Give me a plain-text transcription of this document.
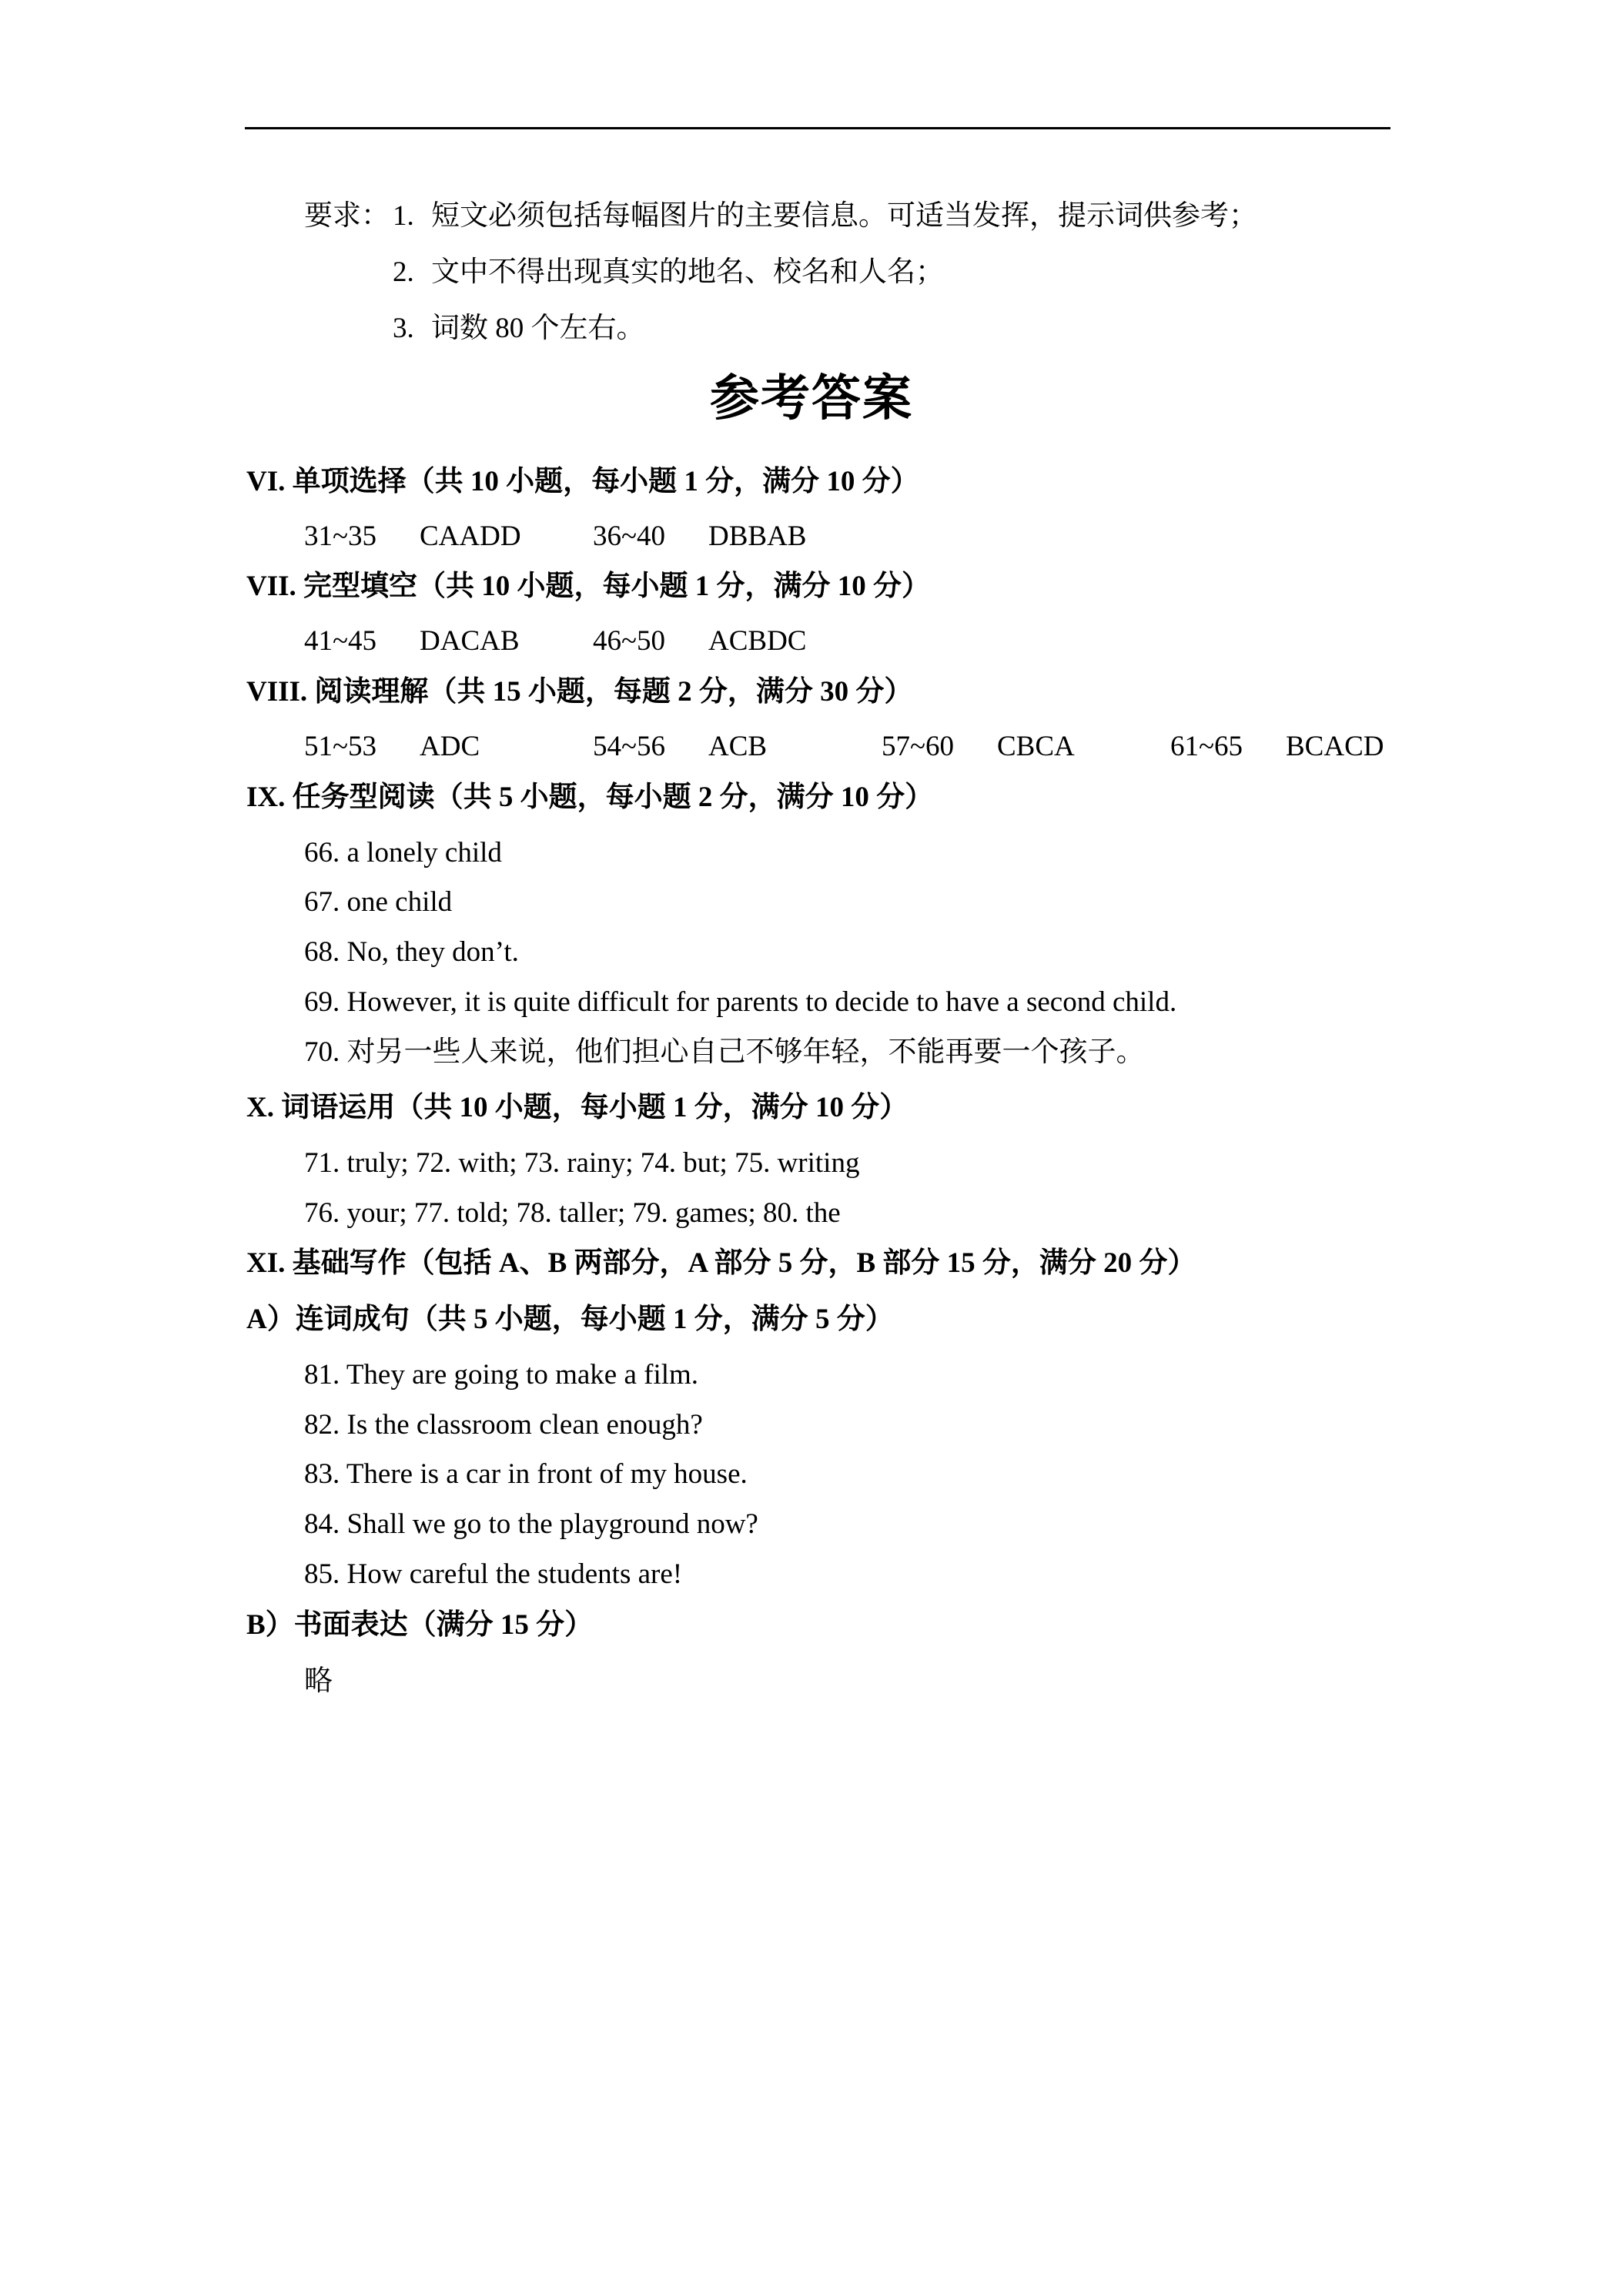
要求： 1. 短文必须包括每幅图片的主要信息。可适当发挥，提示词供参考；
2. 文中不得出现真实的地名、校名和人名；
3. 词数 80 个左右。
参考答案
VI. 单项选择（共 10 小题，每小题 1 分，满分 10 分）
31~35 CAADD	36~40 DBBAB
VII. 完型填空（共 10 小题，每小题 1 分，满分 10 分）
41~45 DACAB	46~50 ACBDC
VIII. 阅读理解（共 15 小题，每题 2 分，满分 30 分）
51~53 ADC	54~56 ACB	57~60 CBCA	61~65 BCACD
IX. 任务型阅读（共 5 小题，每小题 2 分，满分 10 分）
66. a lonely child
67. one child
68. No, they don’t.
69. However, it is quite difficult for parents to decide to have a second child.
70. 对另一些人来说，他们担心自己不够年轻，不能再要一个孩子。
X. 词语运用（共 10 小题，每小题 1 分，满分 10 分）
71. truly; 72. with; 73. rainy; 74. but; 75. writing
76. your; 77. told; 78. taller; 79. games; 80. the
XI. 基础写作（包括 A、B 两部分，A 部分 5 分，B 部分 15 分，满分 20 分）
A）连词成句（共 5 小题，每小题 1 分，满分 5 分）
81. They are going to make a film.
82. Is the classroom clean enough?
83. There is a car in front of my house.
84. Shall we go to the playground now?
85. How careful the students are!
B）书面表达（满分 15 分）
略
